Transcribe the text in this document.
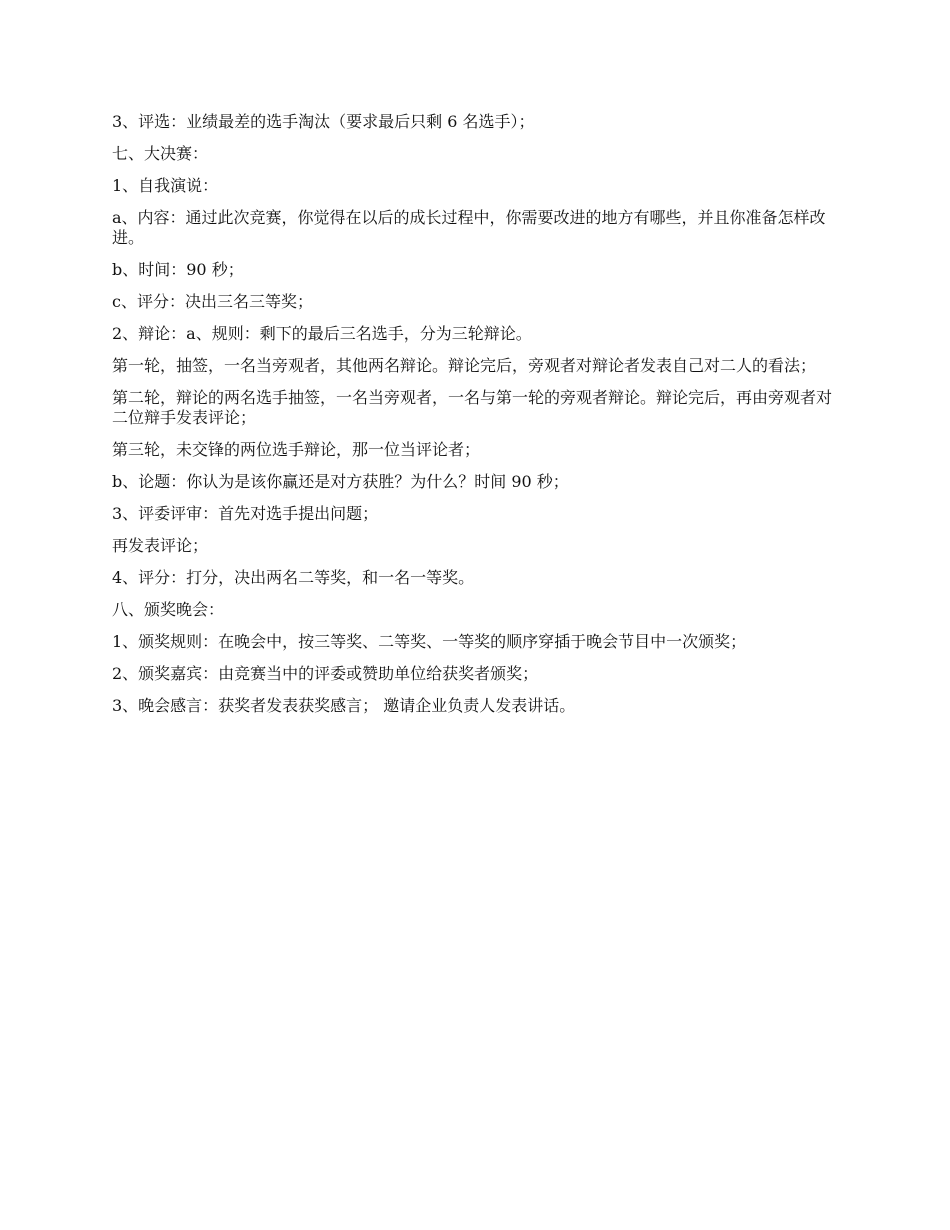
3、评选：业绩最差的选手淘汰（要求最后只剩 6 名选手）；

七、大决赛：

1、自我演说：

a、内容：通过此次竞赛，你觉得在以后的成长过程中，你需要改进的地方有哪些，并且你准备怎样改进。

b、时间：90 秒；

c、评分：决出三名三等奖；

2、辩论：a、规则：剩下的最后三名选手，分为三轮辩论。

第一轮，抽签，一名当旁观者，其他两名辩论。辩论完后，旁观者对辩论者发表自己对二人的看法；

第二轮，辩论的两名选手抽签，一名当旁观者，一名与第一轮的旁观者辩论。辩论完后，再由旁观者对二位辩手发表评论；

第三轮，未交锋的两位选手辩论，那一位当评论者；

b、论题：你认为是该你赢还是对方获胜？为什么？时间 90 秒；

3、评委评审：首先对选手提出问题；

再发表评论；

4、评分：打分，决出两名二等奖，和一名一等奖。

八、颁奖晚会：

1、颁奖规则：在晚会中，按三等奖、二等奖、一等奖的顺序穿插于晚会节目中一次颁奖；

2、颁奖嘉宾：由竞赛当中的评委或赞助单位给获奖者颁奖；

3、晚会感言：获奖者发表获奖感言； 邀请企业负责人发表讲话。
